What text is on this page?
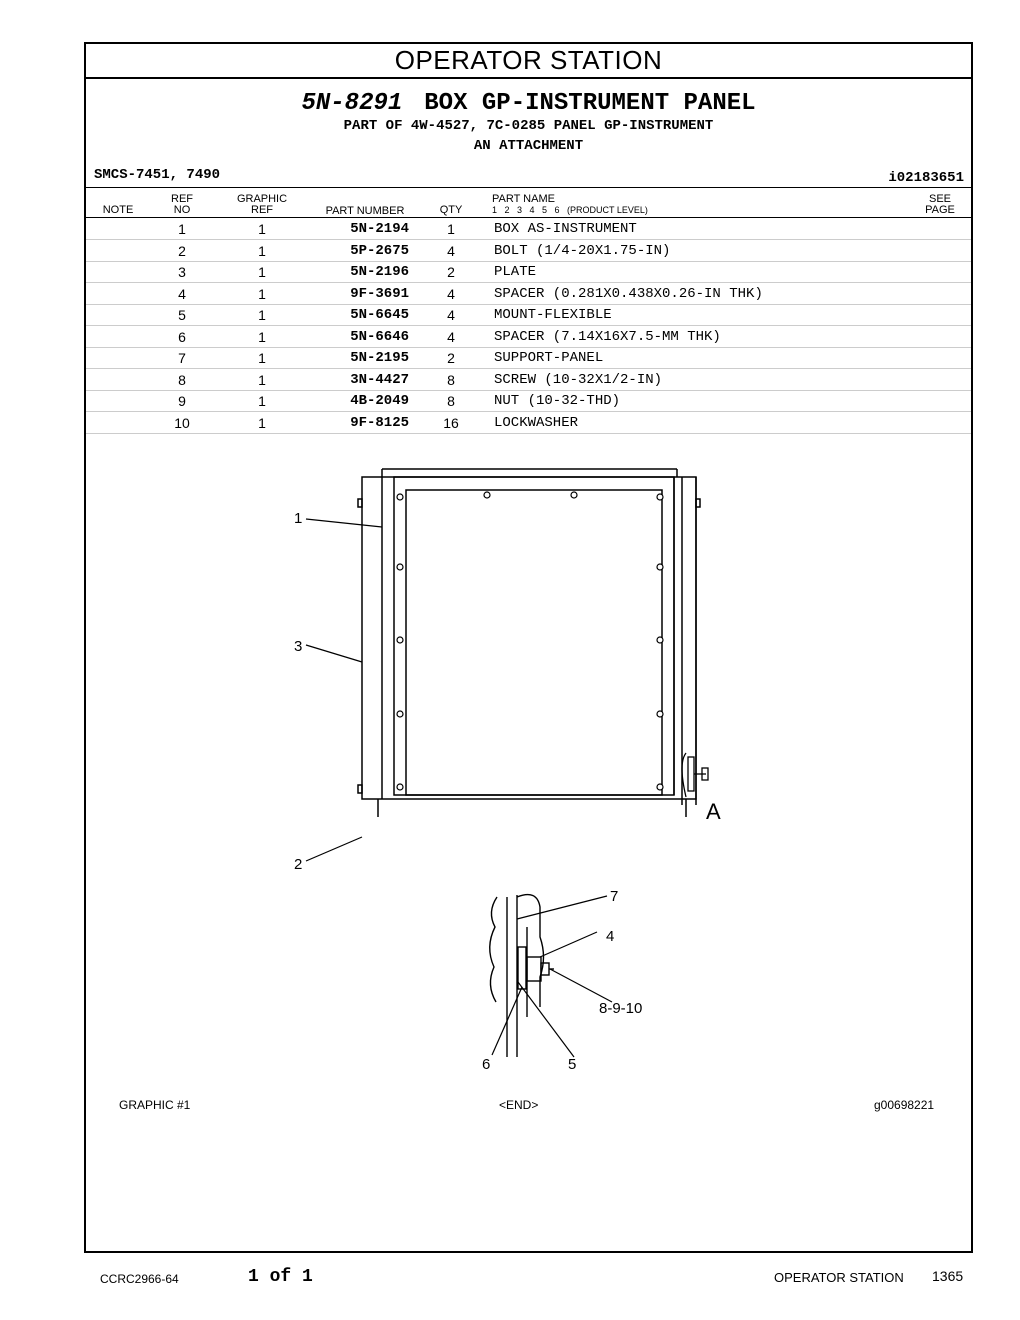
OPERATOR STATION
5N-8291 BOX GP-INSTRUMENT PANEL
PART OF 4W-4527, 7C-0285 PANEL GP-INSTRUMENT
AN ATTACHMENT
SMCS-7451, 7490	i02183651
NOTE
REF
NO
GRAPHIC
REF	PART NUMBER	QTY
PART NAME
1   2   3   4   5   6   (PRODUCT LEVEL)
SEE
PAGE
1	1	5N-2194	1	BOX AS-INSTRUMENT
2	1	5P-2675	4	BOLT (1/4-20X1.75-IN)
3	1	5N-2196	2	PLATE
4	1	9F-3691	4	SPACER (0.281X0.438X0.26-IN THK)
5	1	5N-6645	4	MOUNT-FLEXIBLE
6	1	5N-6646	4	SPACER (7.14X16X7.5-MM THK)
7	1	5N-2195	2	SUPPORT-PANEL
8	1	3N-4427	8	SCREW (10-32X1/2-IN)
9	1	4B-2049	8	NUT (10-32-THD)
10	1	9F-8125	16	LOCKWASHER
1
2
3
A
7
4
8-9-10
6	5
GRAPHIC #1	<END>	g00698221
CCRC2966-64	1 of 1	OPERATOR STATION 1365
